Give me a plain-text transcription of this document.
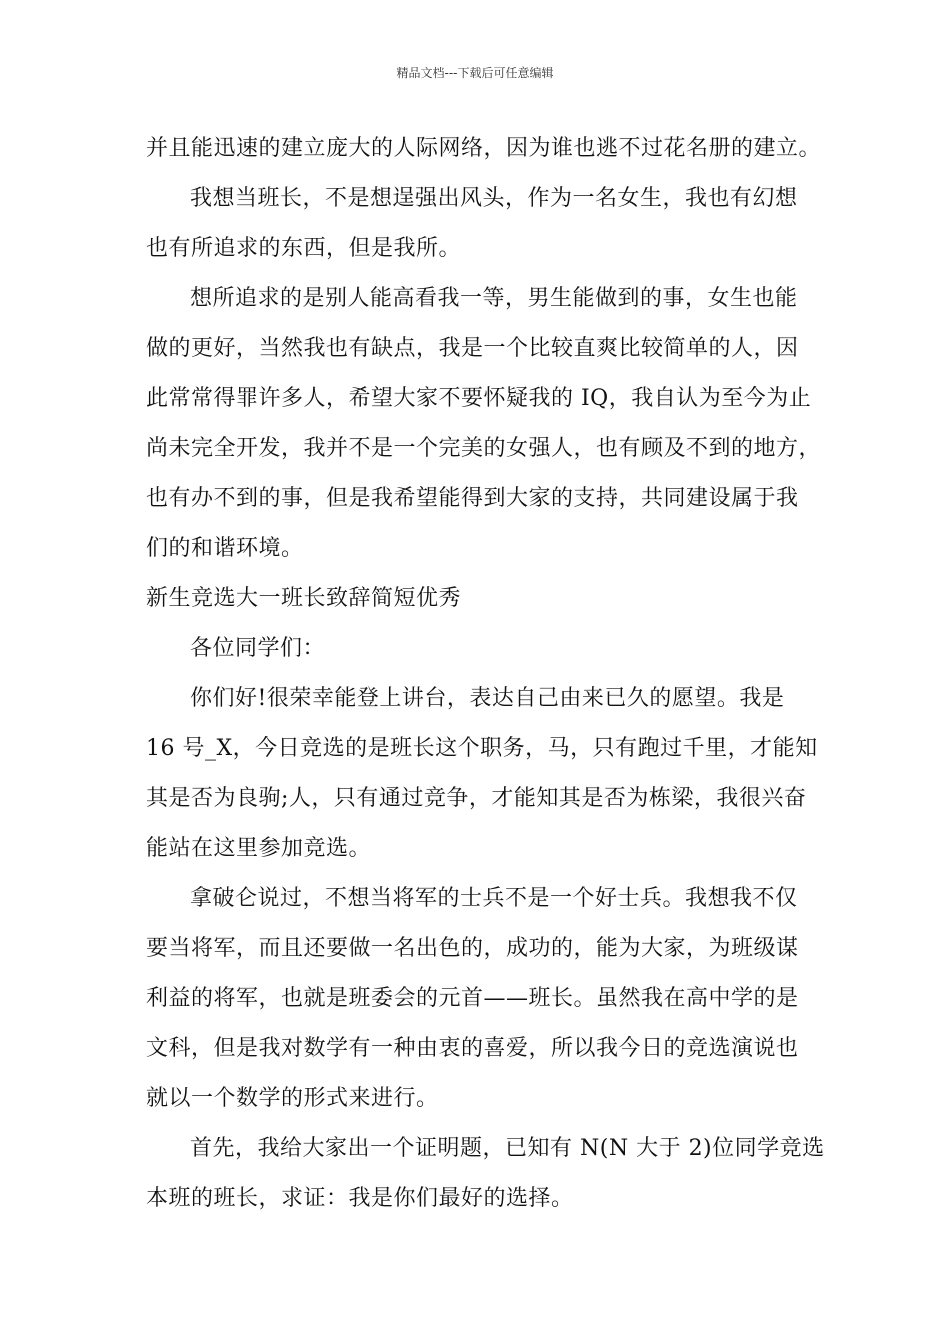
精品文档---下载后可任意编辑
并且能迅速的建立庞大的人际网络，因为谁也逃不过花名册的建立。
我想当班长，不是想逞强出风头，作为一名女生，我也有幻想
也有所追求的东西，但是我所。
想所追求的是别人能高看我一等，男生能做到的事，女生也能
做的更好，当然我也有缺点，我是一个比较直爽比较简单的人，因
此常常得罪许多人，希望大家不要怀疑我的 IQ，我自认为至今为止
尚未完全开发，我并不是一个完美的女强人，也有顾及不到的地方，
也有办不到的事，但是我希望能得到大家的支持，共同建设属于我
们的和谐环境。
新生竞选大一班长致辞简短优秀
各位同学们：
你们好!很荣幸能登上讲台，表达自己由来已久的愿望。我是
16 号_X，今日竞选的是班长这个职务，马，只有跑过千里，才能知
其是否为良驹;人，只有通过竞争，才能知其是否为栋梁，我很兴奋
能站在这里参加竞选。
拿破仑说过，不想当将军的士兵不是一个好士兵。我想我不仅
要当将军，而且还要做一名出色的，成功的，能为大家，为班级谋
利益的将军，也就是班委会的元首——班长。虽然我在高中学的是
文科，但是我对数学有一种由衷的喜爱，所以我今日的竞选演说也
就以一个数学的形式来进行。
首先，我给大家出一个证明题，已知有 N(N 大于 2)位同学竞选
本班的班长，求证：我是你们最好的选择。
